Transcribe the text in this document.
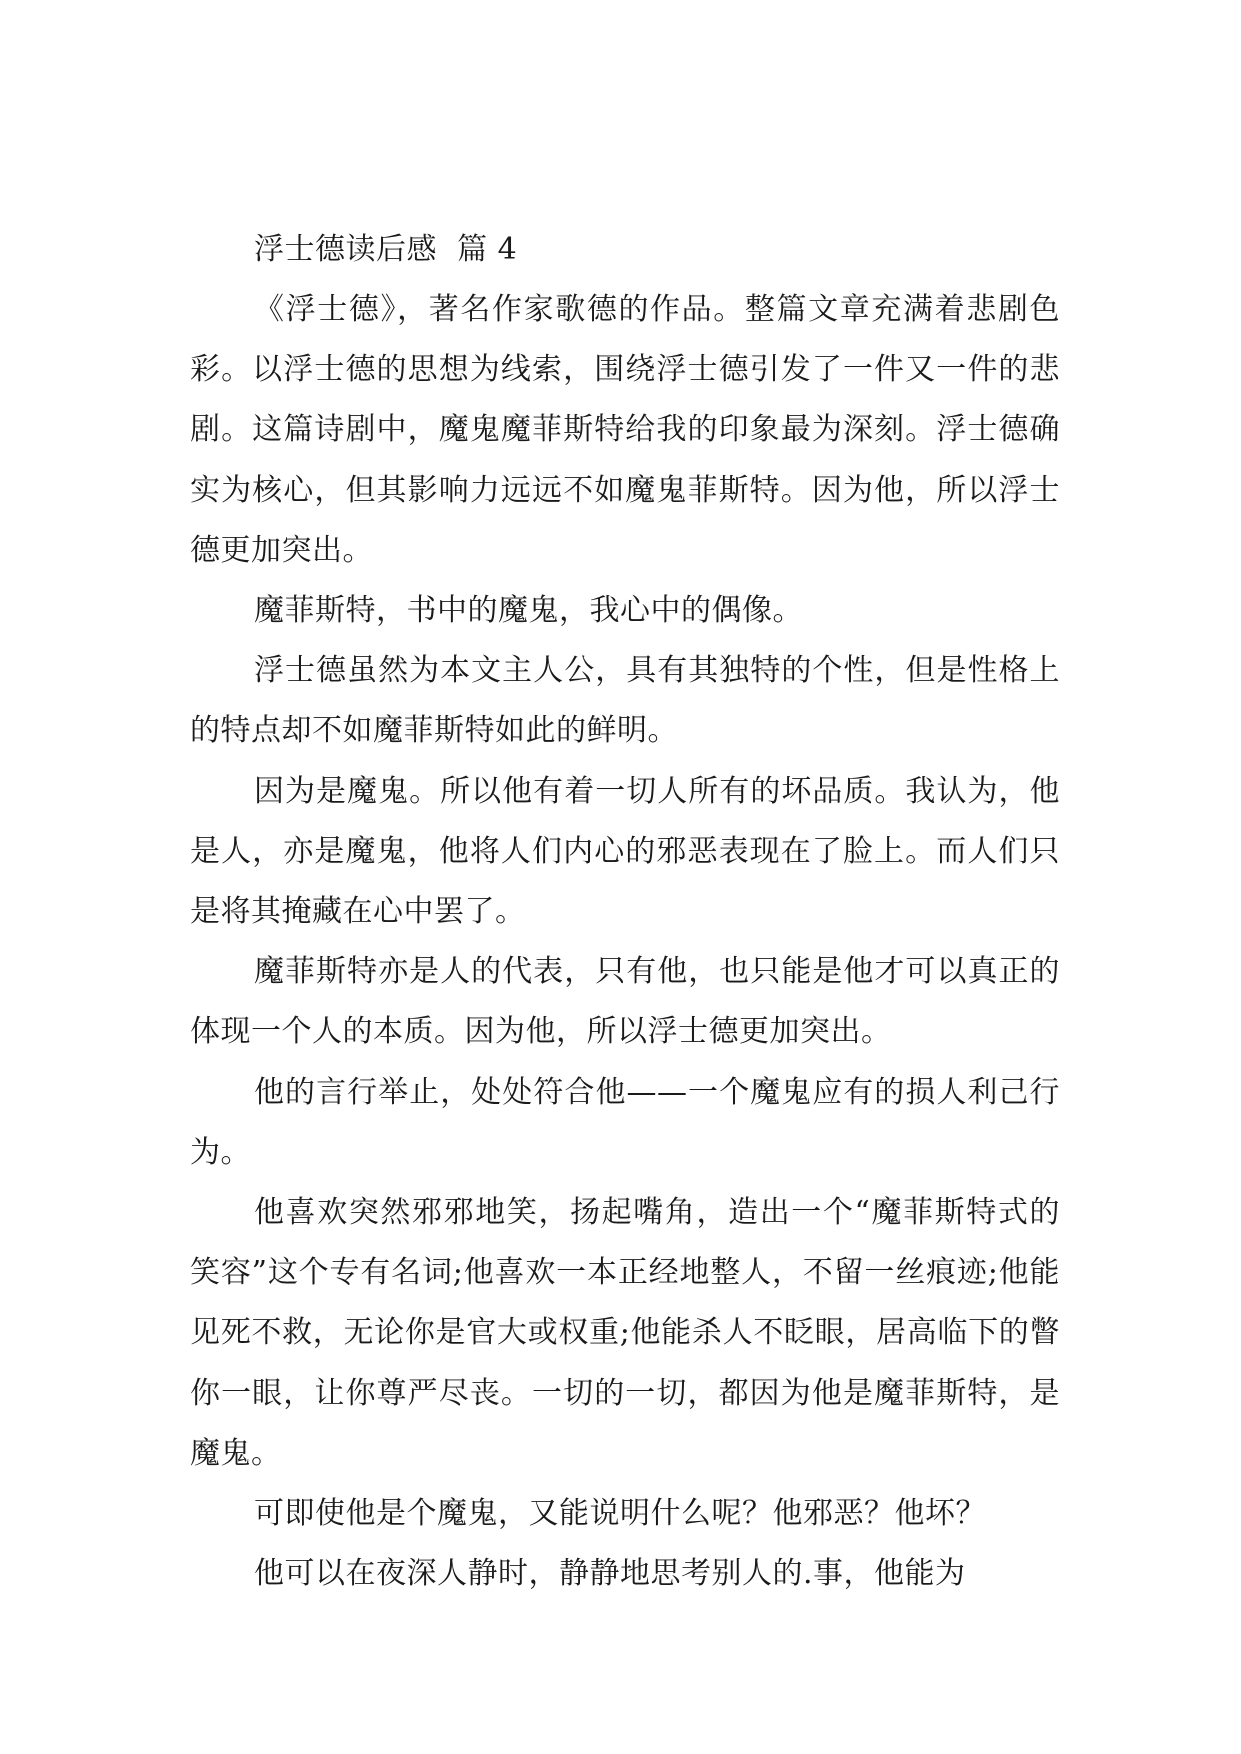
浮士德读后感  篇 4

《浮士德》，著名作家歌德的作品。整篇文章充满着悲剧色彩。以浮士德的思想为线索，围绕浮士德引发了一件又一件的悲剧。这篇诗剧中，魔鬼魔菲斯特给我的印象最为深刻。浮士德确实为核心，但其影响力远远不如魔鬼菲斯特。因为他，所以浮士德更加突出。

魔菲斯特，书中的魔鬼，我心中的偶像。

浮士德虽然为本文主人公，具有其独特的个性，但是性格上的特点却不如魔菲斯特如此的鲜明。

因为是魔鬼。所以他有着一切人所有的坏品质。我认为，他是人，亦是魔鬼，他将人们内心的邪恶表现在了脸上。而人们只是将其掩藏在心中罢了。

魔菲斯特亦是人的代表，只有他，也只能是他才可以真正的体现一个人的本质。因为他，所以浮士德更加突出。

他的言行举止，处处符合他——一个魔鬼应有的损人利己行为。

他喜欢突然邪邪地笑，扬起嘴角，造出一个“魔菲斯特式的笑容”这个专有名词;他喜欢一本正经地整人，不留一丝痕迹;他能见死不救，无论你是官大或权重;他能杀人不眨眼，居高临下的瞥你一眼，让你尊严尽丧。一切的一切，都因为他是魔菲斯特，是魔鬼。

可即使他是个魔鬼，又能说明什么呢？他邪恶？他坏？

他可以在夜深人静时，静静地思考别人的.事，他能为
